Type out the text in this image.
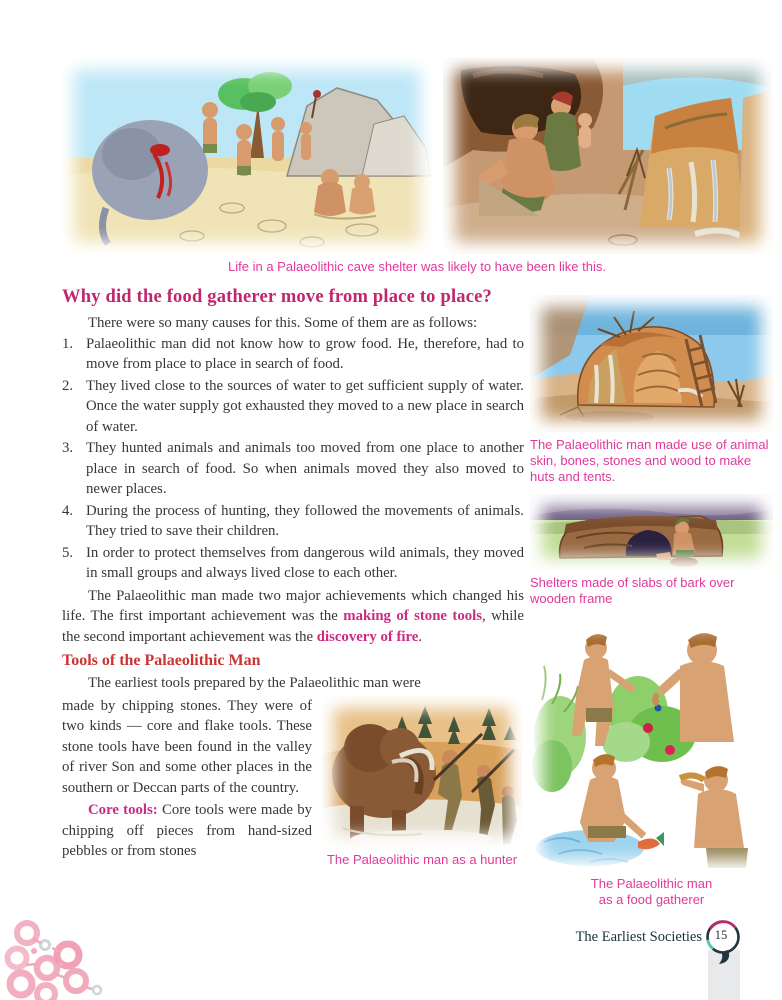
Life in a Palaeolithic cave shelter was likely to have been like this.
Why did the food gatherer move from place to place?

There were so many causes for this. Some of them are as follows:

1. Palaeolithic man did not know how to grow food. He, therefore, had to move from place to place in search of food.
2. They lived close to the sources of water to get sufficient supply of water. Once the water supply got exhausted they moved to a new place in search of water.
3. They hunted animals and animals too moved from one place to another place in search of food. So when animals moved they also moved to newer places.
4. During the process of hunting, they followed the movements of animals. They tried to save their children.
5. In order to protect themselves from dangerous wild animals, they moved in small groups and always lived close to each other.

The Palaeolithic man made two major achievements which changed his life. The first important achievement was the making of stone tools, while the second important achievement was the discovery of fire.

Tools of the Palaeolithic Man

The earliest tools prepared by the Palaeolithic man were

made by chipping stones. They were of two kinds — core and flake tools. These stone tools have been found in the valley of river Son and some other places in the southern or Deccan parts of the country.

Core tools: Core tools were made by chipping off pieces from hand-sized pebbles or from stones	The Palaeolithic man as a hunter
The Palaeolithic man made use of animal skin, bones, stones and wood to make huts and tents.
Shelters made of slabs of bark over wooden frame
The Palaeolithic man
as a food gatherer
The Earliest Societies	15
